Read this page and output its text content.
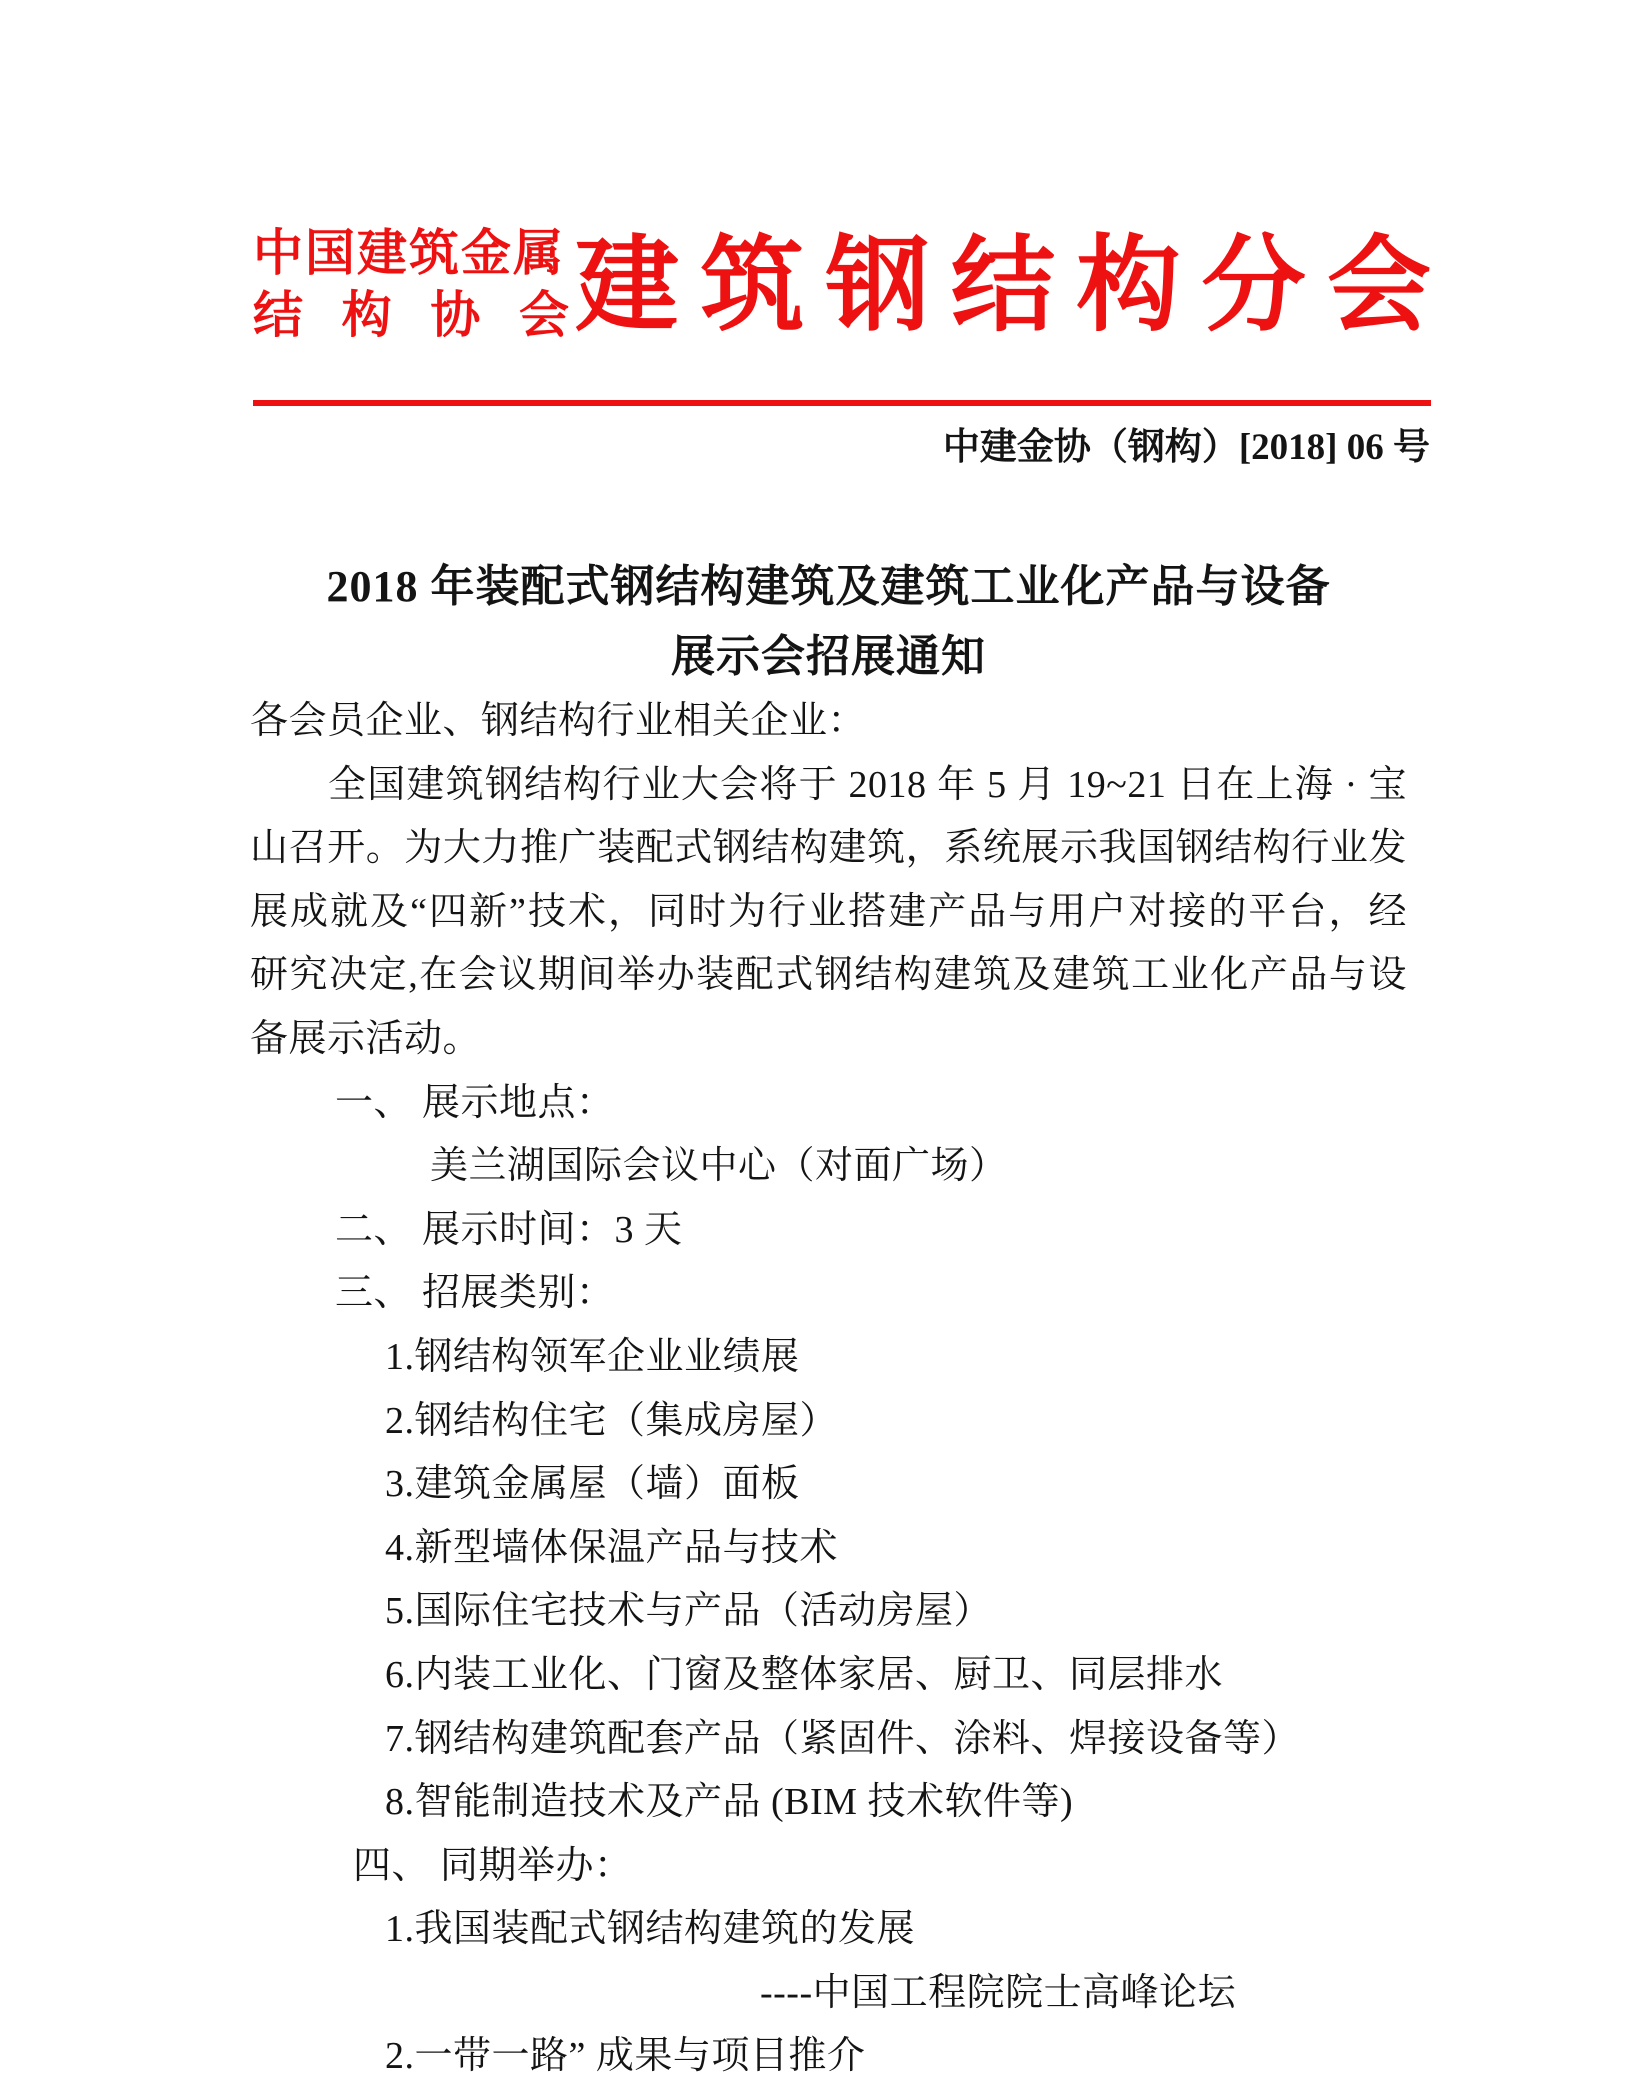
中国建筑金属
结构协会 建筑钢结构分会
中建金协（钢构）[2018] 06 号
2018 年装配式钢结构建筑及建筑工业化产品与设备
展示会招展通知
各会员企业、钢结构行业相关企业：
全国建筑钢结构行业大会将于 2018 年 5 月 19~21 日在上海 · 宝
山召开。为大力推广装配式钢结构建筑，系统展示我国钢结构行业发
展成就及“四新”技术，同时为行业搭建产品与用户对接的平台，经
研究决定,在会议期间举办装配式钢结构建筑及建筑工业化产品与设
备展示活动。
一、 展示地点：
美兰湖国际会议中心（对面广场）
二、 展示时间：3 天
三、 招展类别：
1.钢结构领军企业业绩展
2.钢结构住宅（集成房屋）
3.建筑金属屋（墙）面板
4.新型墙体保温产品与技术
5.国际住宅技术与产品（活动房屋）
6.内装工业化、门窗及整体家居、厨卫、同层排水
7.钢结构建筑配套产品（紧固件、涂料、焊接设备等）
8.智能制造技术及产品 (BIM 技术软件等)
四、 同期举办：
1.我国装配式钢结构建筑的发展
----中国工程院院士高峰论坛
2.一带一路” 成果与项目推介
